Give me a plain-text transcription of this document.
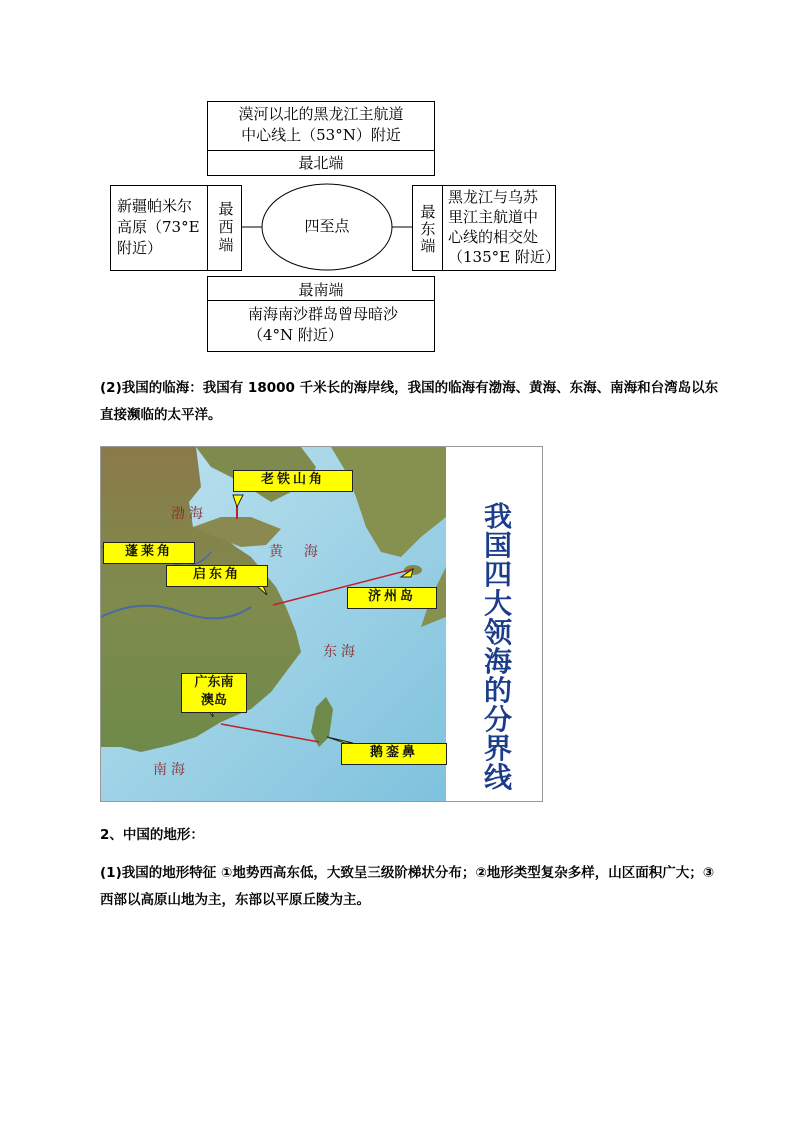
漠河以北的黑龙江主航道
中心线上（53°N）附近
最北端
新疆帕米尔
高原（73°E
附近）
最
西
端
四至点
最
东
端
黑龙江与乌苏
里江主航道中
心线的相交处
（135°E 附近）
最南端
南海南沙群岛曾母暗沙
（4°N 附近）
(2)我国的临海：我国有 18000 千米长的海岸线，我国的临海有渤海、黄海、东海、南海和台湾岛以东直接濒临的太平洋。
渤海
黄  海
东海
南海
老铁山角
蓬莱角
启东角
济州岛
广东南
澳岛
鹅銮鼻
我国四大领海的分界线
2、中国的地形：
(1)我国的地形特征 ①地势西高东低，大致呈三级阶梯状分布；②地形类型复杂多样，山区面积广大；③西部以高原山地为主，东部以平原丘陵为主。
